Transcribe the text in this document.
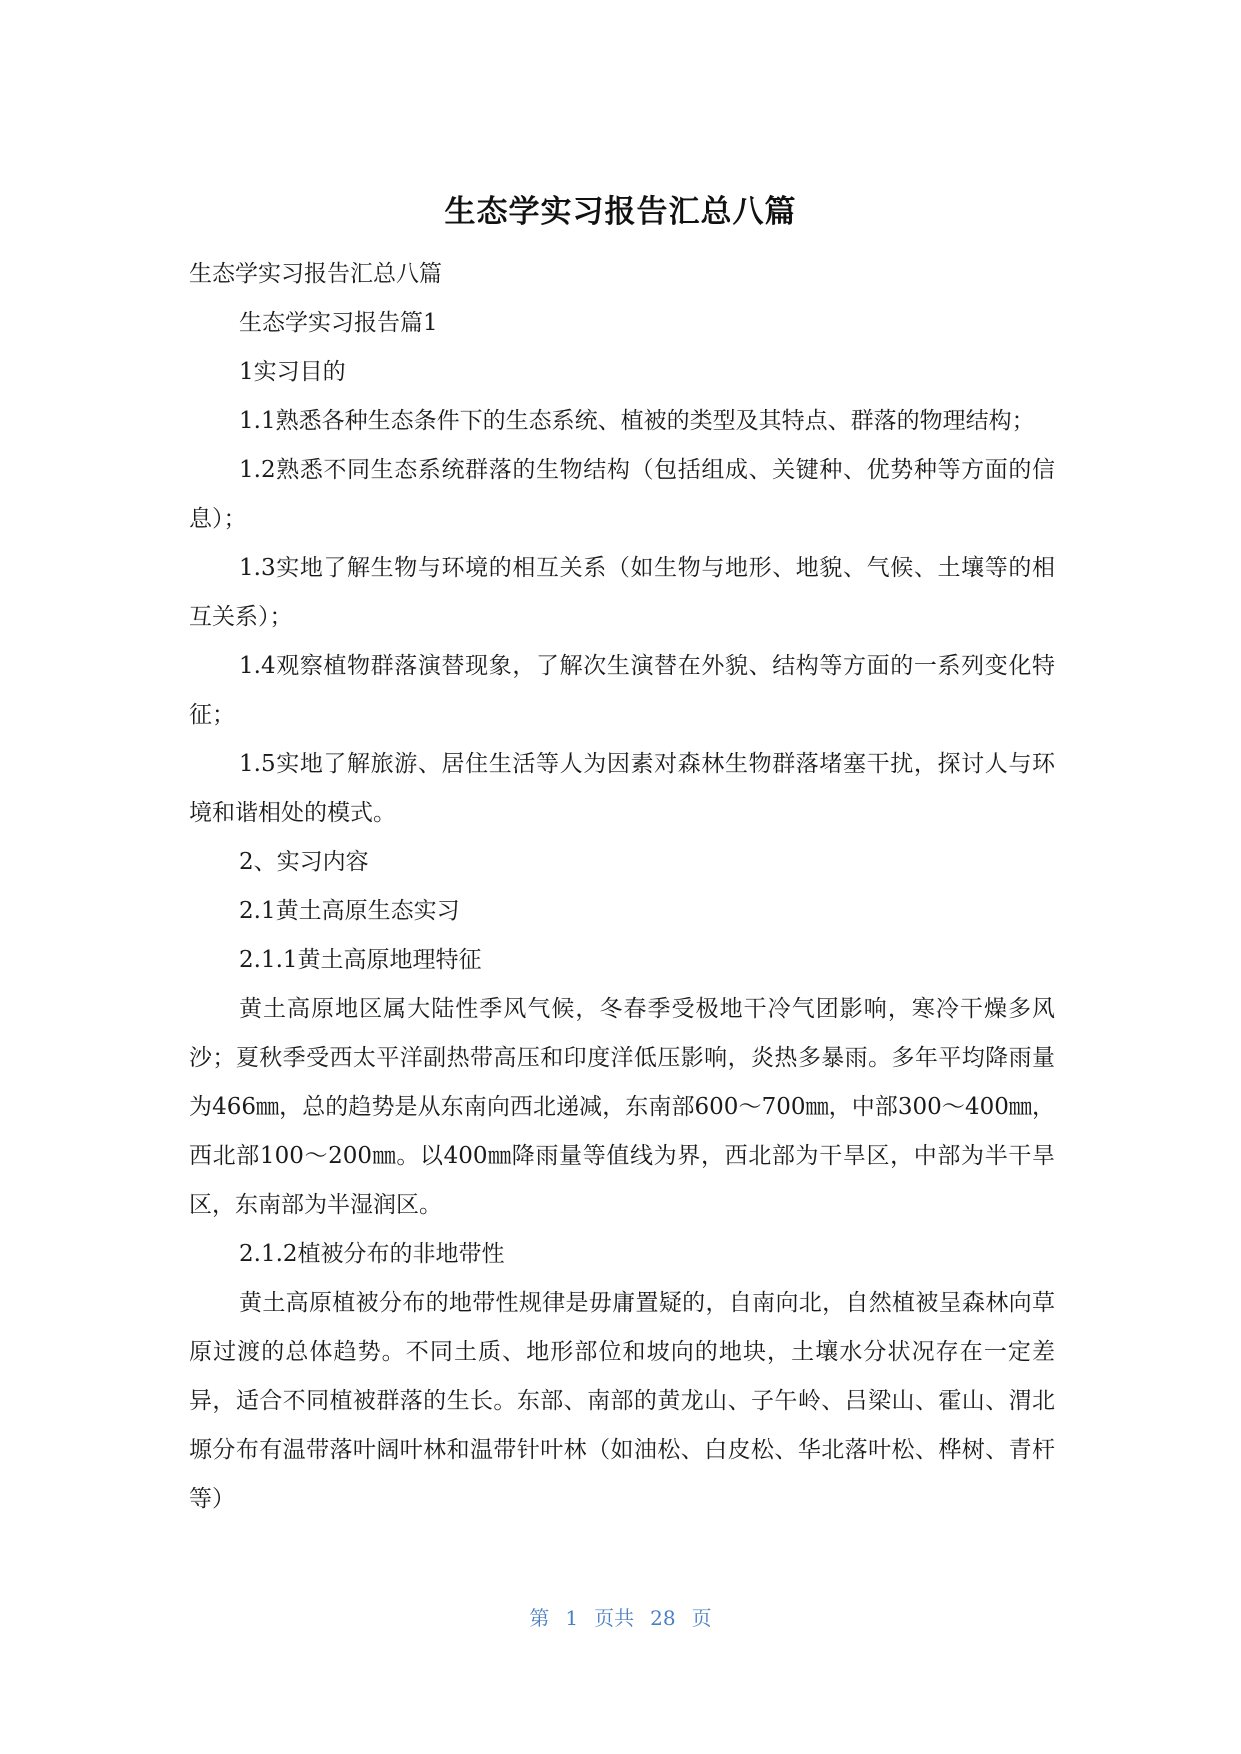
生态学实习报告汇总八篇

生态学实习报告汇总八篇

生态学实习报告篇1

1实习目的

1.1熟悉各种生态条件下的生态系统、植被的类型及其特点、群落的物理结构；

1.2熟悉不同生态系统群落的生物结构（包括组成、关键种、优势种等方面的信息）；

1.3实地了解生物与环境的相互关系（如生物与地形、地貌、气候、土壤等的相互关系）；

1.4观察植物群落演替现象，了解次生演替在外貌、结构等方面的一系列变化特征；

1.5实地了解旅游、居住生活等人为因素对森林生物群落堵塞干扰，探讨人与环境和谐相处的模式。

2、实习内容

2.1黄土高原生态实习

2.1.1黄土高原地理特征

黄土高原地区属大陆性季风气候，冬春季受极地干冷气团影响，寒冷干燥多风沙；夏秋季受西太平洋副热带高压和印度洋低压影响，炎热多暴雨。多年平均降雨量为466㎜，总的趋势是从东南向西北递减，东南部600～700㎜，中部300～400㎜，西北部100～200㎜。以400㎜降雨量等值线为界，西北部为干旱区，中部为半干旱区，东南部为半湿润区。

2.1.2植被分布的非地带性

黄土高原植被分布的地带性规律是毋庸置疑的，自南向北，自然植被呈森林向草原过渡的总体趋势。不同土质、地形部位和坡向的地块，土壤水分状况存在一定差异，适合不同植被群落的生长。东部、南部的黄龙山、子午岭、吕梁山、霍山、渭北塬分布有温带落叶阔叶林和温带针叶林（如油松、白皮松、华北落叶松、桦树、青杆等）

第 1 页共 28 页
